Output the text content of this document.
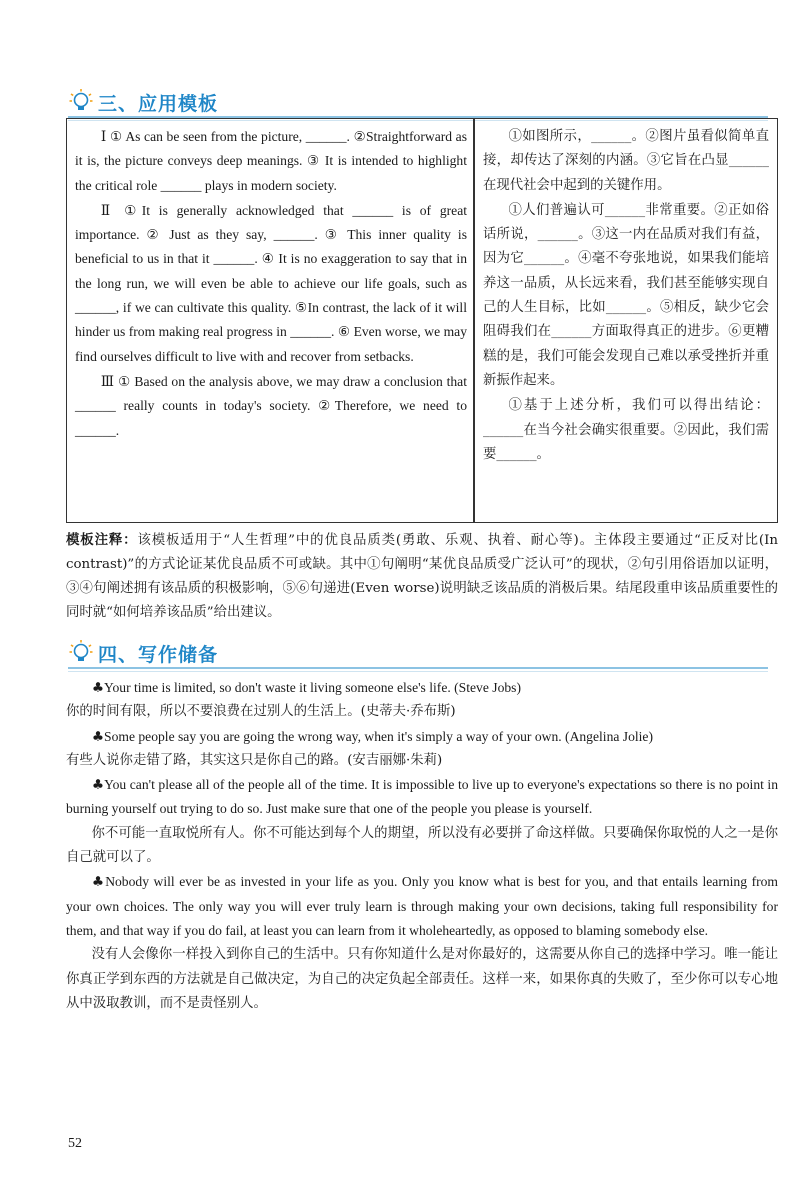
三、应用模板

Ⅰ ① As can be seen from the picture, ______. ②Straightforward as it is, the picture conveys deep meanings. ③ It is intended to highlight the critical role ______ plays in modern society.

Ⅱ ①It is generally acknowledged that ______ is of great importance. ② Just as they say, ______. ③ This inner quality is beneficial to us in that it ______. ④ It is no exaggeration to say that in the long run, we will even be able to achieve our life goals, such as ______, if we can cultivate this quality. ⑤In contrast, the lack of it will hinder us from making real progress in ______. ⑥ Even worse, we may find ourselves difficult to live with and recover from setbacks.

Ⅲ ① Based on the analysis above, we may draw a conclusion that ______ really counts in today's society. ②Therefore, we need to ______.

①如图所示，______。②图片虽看似简单直接，却传达了深刻的内涵。③它旨在凸显______在现代社会中起到的关键作用。

①人们普遍认可______非常重要。②正如俗话所说，______。③这一内在品质对我们有益，因为它______。④毫不夸张地说，如果我们能培养这一品质，从长远来看，我们甚至能够实现自己的人生目标，比如______。⑤相反，缺少它会阻碍我们在______方面取得真正的进步。⑥更糟糕的是，我们可能会发现自己难以承受挫折并重新振作起来。

①基于上述分析，我们可以得出结论：______在当今社会确实很重要。②因此，我们需要______。

模板注释：该模板适用于“人生哲理”中的优良品质类(勇敢、乐观、执着、耐心等)。主体段主要通过“正反对比(In contrast)”的方式论证某优良品质不可或缺。其中①句阐明“某优良品质受广泛认可”的现状，②句引用俗语加以证明，③④句阐述拥有该品质的积极影响，⑤⑥句递进(Even worse)说明缺乏该品质的消极后果。结尾段重申该品质重要性的同时就“如何培养该品质”给出建议。
四、写作储备

♣Your time is limited, so don't waste it living someone else's life. (Steve Jobs)

你的时间有限，所以不要浪费在过别人的生活上。(史蒂夫·乔布斯)

♣Some people say you are going the wrong way, when it's simply a way of your own. (Angelina Jolie)

有些人说你走错了路，其实这只是你自己的路。(安吉丽娜·朱莉)

♣You can't please all of the people all of the time. It is impossible to live up to everyone's expectations so there is no point in burning yourself out trying to do so. Just make sure that one of the people you please is yourself.

你不可能一直取悦所有人。你不可能达到每个人的期望，所以没有必要拼了命这样做。只要确保你取悦的人之一是你自己就可以了。

♣Nobody will ever be as invested in your life as you. Only you know what is best for you, and that entails learning from your own choices. The only way you will ever truly learn is through making your own decisions, taking full responsibility for them, and that way if you do fail, at least you can learn from it wholeheartedly, as opposed to blaming somebody else.

没有人会像你一样投入到你自己的生活中。只有你知道什么是对你最好的，这需要从你自己的选择中学习。唯一能让你真正学到东西的方法就是自己做决定，为自己的决定负起全部责任。这样一来，如果你真的失败了，至少你可以专心地从中汲取教训，而不是责怪别人。

52
